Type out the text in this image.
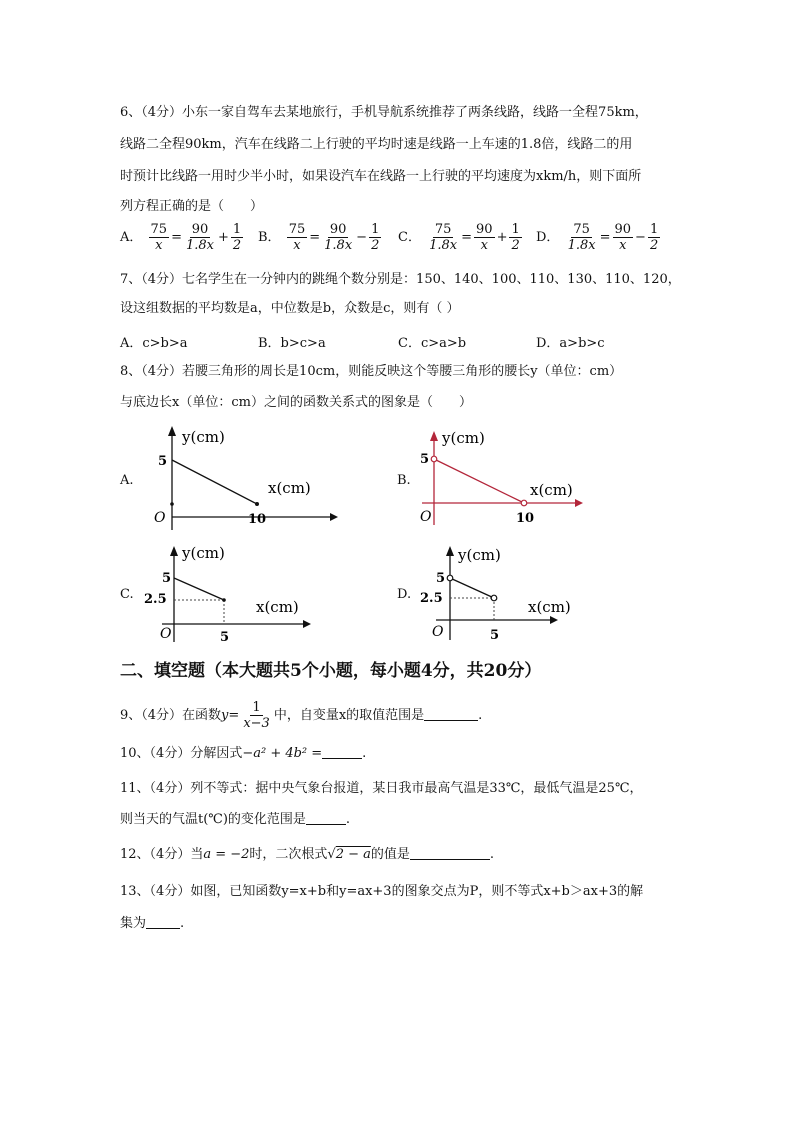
6、（4分）小东一家自驾车去某地旅行，手机导航系统推荐了两条线路，线路一全程75km，
线路二全程90km，汽车在线路二上行驶的平均时速是线路一上车速的1.8倍，线路二的用
时预计比线路一用时少半小时，如果设汽车在线路一上行驶的平均速度为xkm/h，则下面所
列方程正确的是（　　）
A． $\frac{75}{x} = \frac{90}{1.8x} + \frac{1}{2}$ B． $\frac{75}{x} = \frac{90}{1.8x} - \frac{1}{2}$ C． $\frac{75}{1.8x} = \frac{90}{x} + \frac{1}{2}$ D． $\frac{75}{1.8x} = \frac{90}{x} - \frac{1}{2}$
7、（4分）七名学生在一分钟内的跳绳个数分别是：150、140、100、110、130、110、120，
设这组数据的平均数是a，中位数是b，众数是c，则有（ ）
A．c>b>a	B．b>c>a	C．c>a>b	D．a>b>c
8、（4分）若腰三角形的周长是10cm，则能反映这个等腰三角形的腰长y（单位：cm）
与底边长x（单位：cm）之间的函数关系式的图象是（　　）
A.
y(cm)
x(cm)
5
10
O
B.
y(cm)
x(cm)
5
10
O
C.
y(cm)
x(cm)
5
2.5
5
O
D.
y(cm)
x(cm)
5
2.5
5
O
二、填空题（本大题共5个小题，每小题4分，共20分）
9、（4分）在函数$y= \frac{1}{x-3}$ 中，自变量x的取值范围是	.
10、（4分）分解因式−a² + 4b² =	.
11、（4分）列不等式：据中央气象台报道，某日我市最高气温是33℃，最低气温是25℃，
则当天的气温t(℃)的变化范围是	.
12、（4分）当a = −2时，二次根式√2 − a的值是	.
13、（4分）如图，已知函数y=x+b和y=ax+3的图象交点为P，则不等式x+b＞ax+3的解
集为	.
